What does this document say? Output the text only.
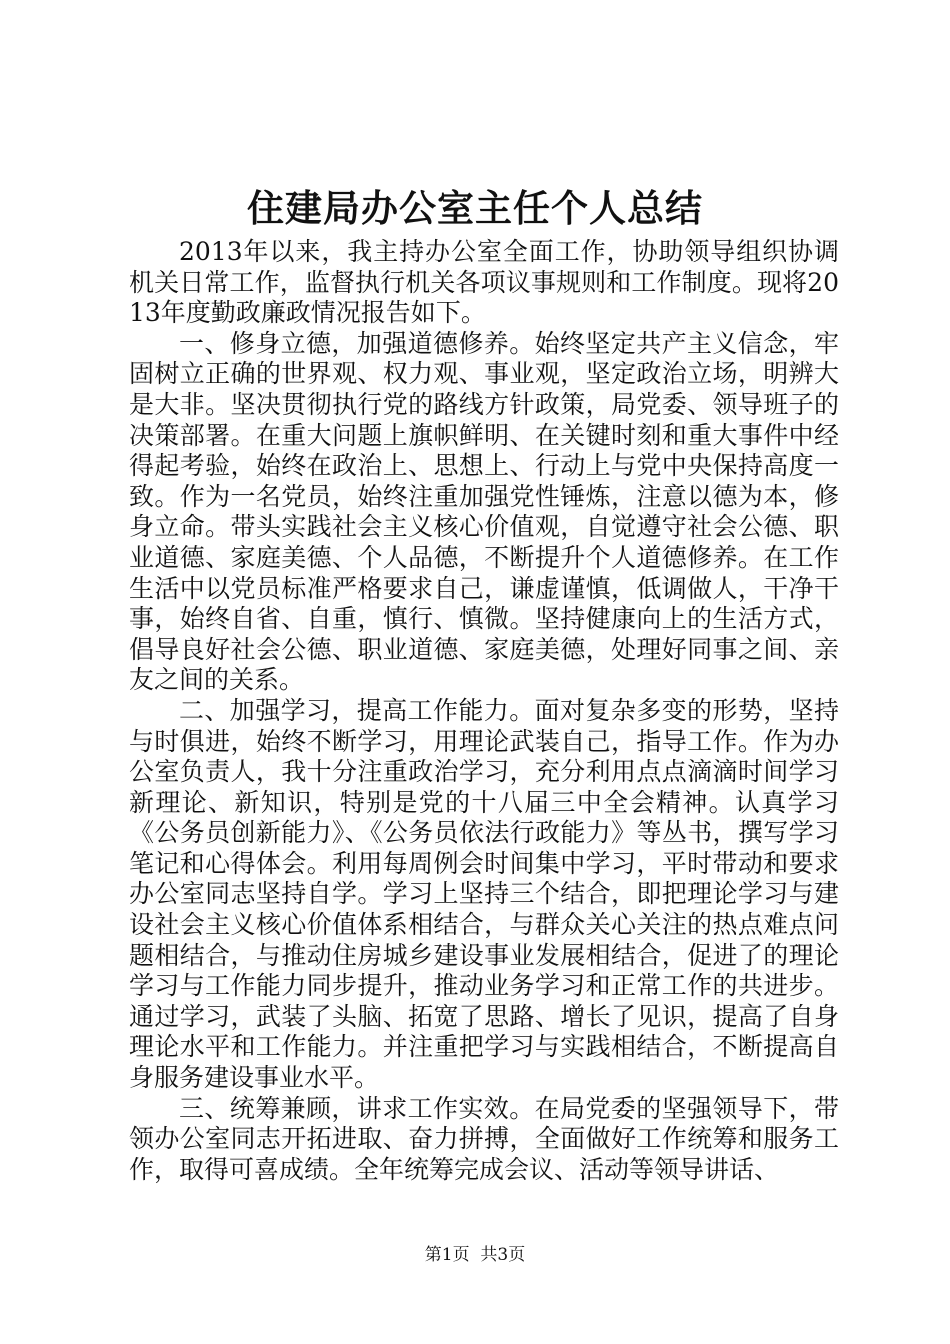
住建局办公室主任个人总结

2013年以来，我主持办公室全面工作，协助领导组织协调机关日常工作，监督执行机关各项议事规则和工作制度。现将2013年度勤政廉政情况报告如下。

一、修身立德，加强道德修养。始终坚定共产主义信念，牢固树立正确的世界观、权力观、事业观，坚定政治立场，明辨大是大非。坚决贯彻执行党的路线方针政策，局党委、领导班子的决策部署。在重大问题上旗帜鲜明、在关键时刻和重大事件中经得起考验，始终在政治上、思想上、行动上与党中央保持高度一致。作为一名党员，始终注重加强党性锤炼，注意以德为本，修身立命。带头实践社会主义核心价值观，自觉遵守社会公德、职业道德、家庭美德、个人品德，不断提升个人道德修养。在工作生活中以党员标准严格要求自己，谦虚谨慎，低调做人，干净干事，始终自省、自重，慎行、慎微。坚持健康向上的生活方式，倡导良好社会公德、职业道德、家庭美德，处理好同事之间、亲友之间的关系。

二、加强学习，提高工作能力。面对复杂多变的形势，坚持与时俱进，始终不断学习，用理论武装自己，指导工作。作为办公室负责人，我十分注重政治学习，充分利用点点滴滴时间学习新理论、新知识，特别是党的十八届三中全会精神。认真学习《公务员创新能力》、《公务员依法行政能力》等丛书，撰写学习笔记和心得体会。利用每周例会时间集中学习，平时带动和要求办公室同志坚持自学。学习上坚持三个结合，即把理论学习与建设社会主义核心价值体系相结合，与群众关心关注的热点难点问题相结合，与推动住房城乡建设事业发展相结合，促进了的理论学习与工作能力同步提升，推动业务学习和正常工作的共进步。通过学习，武装了头脑、拓宽了思路、增长了见识，提高了自身理论水平和工作能力。并注重把学习与实践相结合，不断提高自身服务建设事业水平。

三、统筹兼顾，讲求工作实效。在局党委的坚强领导下，带领办公室同志开拓进取、奋力拼搏，全面做好工作统筹和服务工作，取得可喜成绩。全年统筹完成会议、活动等领导讲话、

第1页  共3页
